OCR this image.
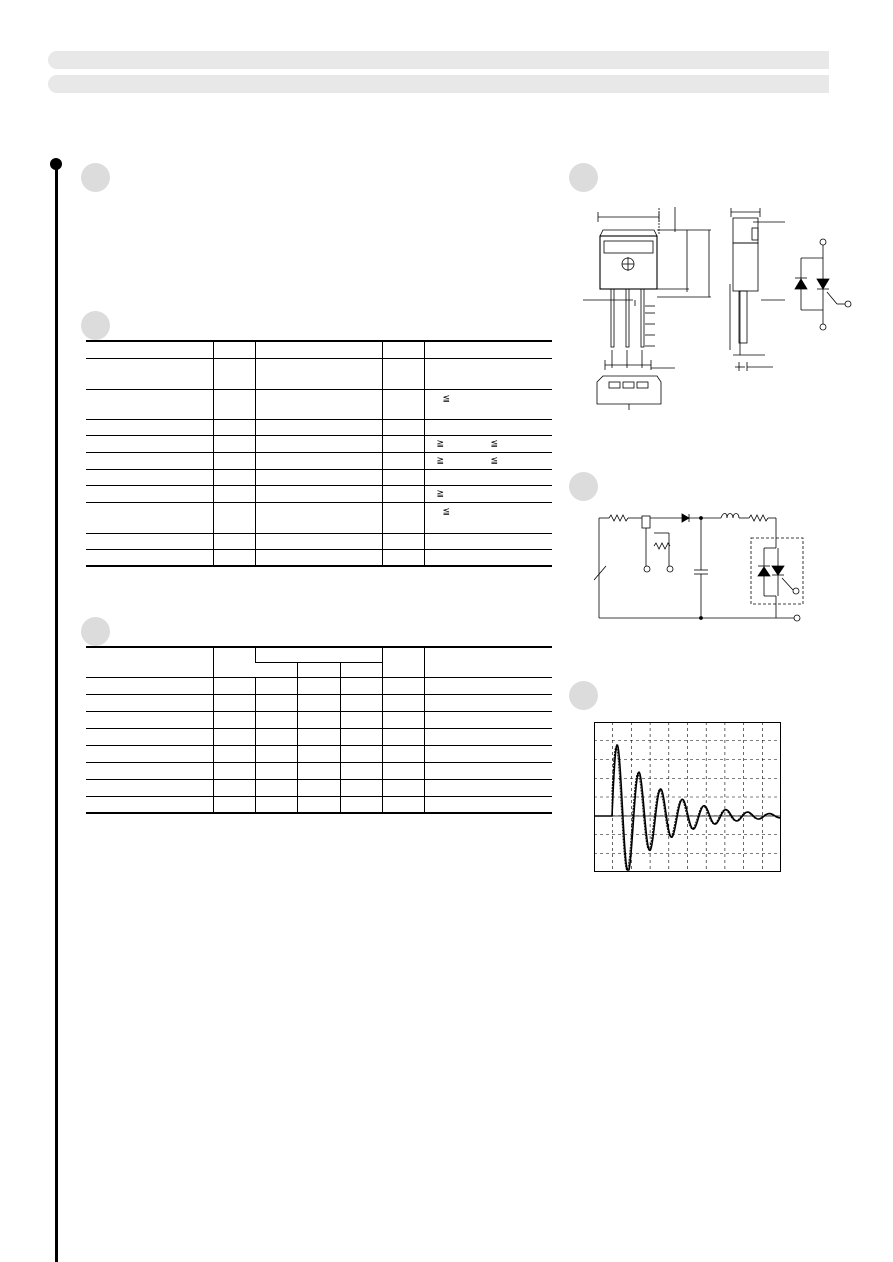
				≦

				≧ ≦
				≧ ≦

				≧
				≦
